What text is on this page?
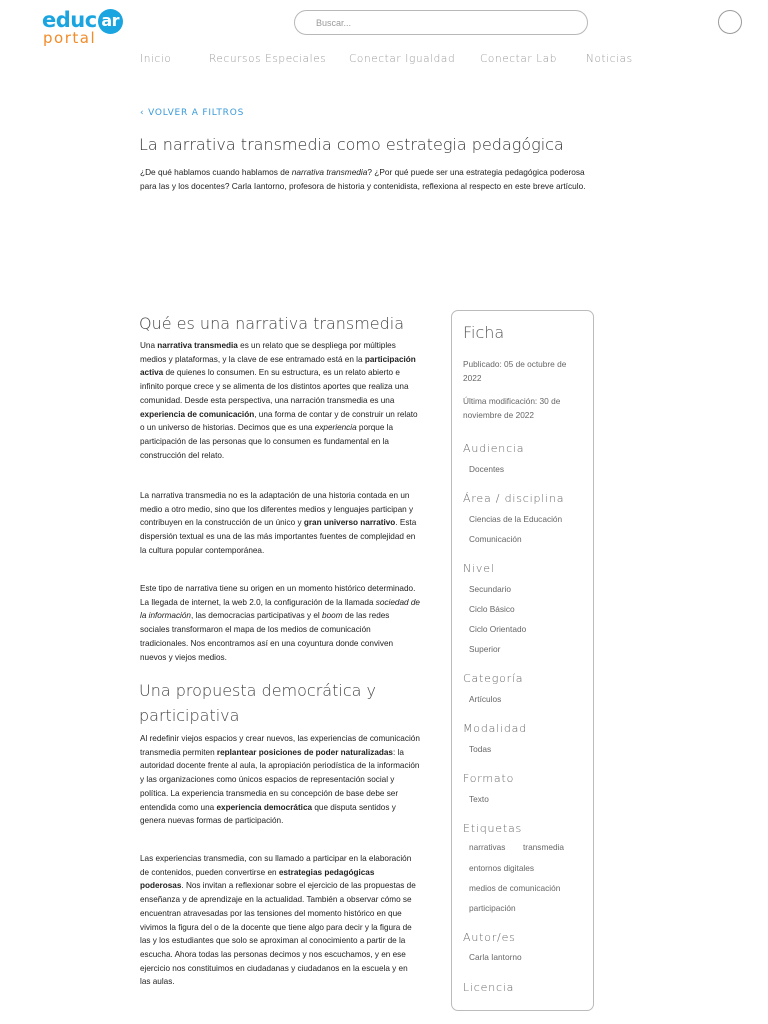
educ ar
portal
Buscar...
Inicio	Recursos Especiales Conectar Igualdad Conectar Lab	Noticias
‹ VOLVER A FILTROS
La narrativa transmedia como estrategia pedagógica

¿De qué hablamos cuando hablamos de narrativa transmedia? ¿Por qué puede ser una estrategia pedagógica poderosa para las y los docentes? Carla Iantorno, profesora de historia y contenidista, reflexiona al respecto en este breve artículo.

Qué es una narrativa transmedia

Una narrativa transmedia es un relato que se despliega por múltiples medios y plataformas, y la clave de ese entramado está en la participación activa de quienes lo consumen. En su estructura, es un relato abierto e infinito porque crece y se alimenta de los distintos aportes que realiza una comunidad. Desde esta perspectiva, una narración transmedia es una experiencia de comunicación, una forma de contar y de construir un relato o un universo de historias. Decimos que es una experiencia porque la participación de las personas que lo consumen es fundamental en la construcción del relato.

La narrativa transmedia no es la adaptación de una historia contada en un medio a otro medio, sino que los diferentes medios y lenguajes participan y contribuyen en la construcción de un único y gran universo narrativo. Esta dispersión textual es una de las más importantes fuentes de complejidad en la cultura popular contemporánea.

Este tipo de narrativa tiene su origen en un momento histórico determinado. La llegada de internet, la web 2.0, la configuración de la llamada sociedad de la información, las democracias participativas y el boom de las redes sociales transformaron el mapa de los medios de comunicación tradicionales. Nos encontramos así en una coyuntura donde conviven nuevos y viejos medios.

Una propuesta democrática y participativa

Al redefinir viejos espacios y crear nuevos, las experiencias de comunicación transmedia permiten replantear posiciones de poder naturalizadas: la autoridad docente frente al aula, la apropiación periodística de la información y las organizaciones como únicos espacios de representación social y política. La experiencia transmedia en su concepción de base debe ser entendida como una experiencia democrática que disputa sentidos y genera nuevas formas de participación.

Las experiencias transmedia, con su llamado a participar en la elaboración de contenidos, pueden convertirse en estrategias pedagógicas poderosas. Nos invitan a reflexionar sobre el ejercicio de las propuestas de enseñanza y de aprendizaje en la actualidad. También a observar cómo se encuentran atravesadas por las tensiones del momento histórico en que vivimos la figura del o de la docente que tiene algo para decir y la figura de las y los estudiantes que solo se aproximan al conocimiento a partir de la escucha. Ahora todas las personas decimos y nos escuchamos, y en ese ejercicio nos constituimos en ciudadanas y ciudadanos en la escuela y en las aulas.

Ficha
Publicado: 05 de octubre de 2022
Última modificación: 30 de noviembre de 2022
Audiencia
Docentes
Área / disciplina
Ciencias de la Educación
Comunicación
Nivel
Secundario
Ciclo Básico
Ciclo Orientado
Superior
Categoría
Artículos
Modalidad
Todas
Formato
Texto
Etiquetas
narrativas transmedia
entornos digitales
medios de comunicación
participación
Autor/es
Carla Iantorno
Licencia
